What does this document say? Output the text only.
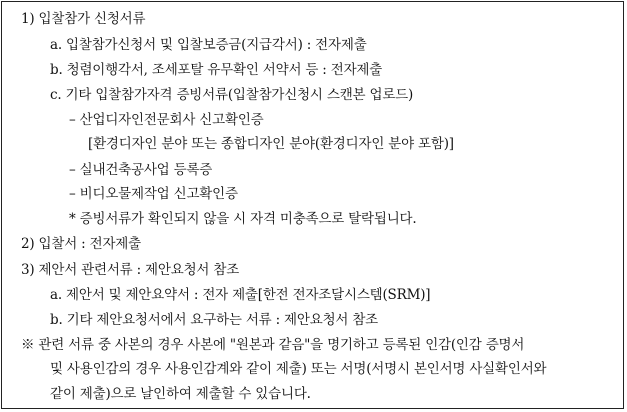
1) 입찰참가 신청서류
a. 입찰참가신청서 및 입찰보증금(지급각서) : 전자제출
b. 청렴이행각서, 조세포탈 유무확인 서약서 등 : 전자제출
c. 기타 입찰참가자격 증빙서류(입찰참가신청시 스캔본 업로드)
– 산업디자인전문회사 신고확인증
[환경디자인 분야 또는 종합디자인 분야(환경디자인 분야 포함)]
– 실내건축공사업 등록증
– 비디오물제작업 신고확인증
* 증빙서류가 확인되지 않을 시 자격 미충족으로 탈락됩니다.
2) 입찰서 : 전자제출
3) 제안서 관련서류 : 제안요청서 참조
a. 제안서 및 제안요약서 : 전자 제출[한전 전자조달시스템(SRM)]
b. 기타 제안요청서에서 요구하는 서류 : 제안요청서 참조
※ 관련 서류 중 사본의 경우 사본에 "원본과 같음"을 명기하고 등록된 인감(인감 증명서
및 사용인감의 경우 사용인감계와 같이 제출) 또는 서명(서명시 본인서명 사실확인서와
같이 제출)으로 날인하여 제출할 수 있습니다.
